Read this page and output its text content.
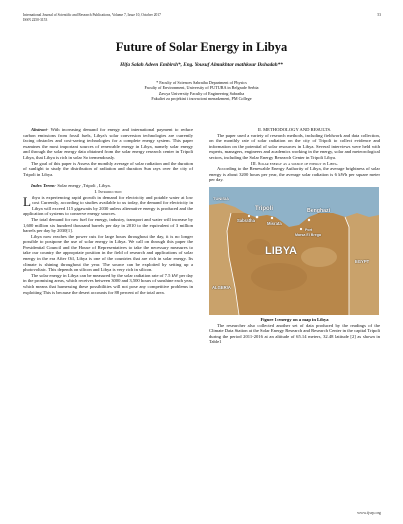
International Journal of Scientific and Research Publications, Volume 7, Issue 10, October 2017
ISSN 2250-3153
53
Future of Solar Energy in Libya
Hifa Salah Adeen Embirsh*, Eng. Yousuf Almukhtar mathkour Ikshadah**
* Faculty of Sciences Sabratha Department of Physics
Faculty of Environment, University of FUTURA in Belgrade Serbia
Zawya University Faculty of Engineering Sabratha
Fakultet za projektni i inovacioni menadzment, PM College

Abstract- With increasing demand for energy and international payment to reduce carbon emissions from fossil fuels, Libya's solar conversion technologies are currently facing obstacles and cost-saving technologies for a complete energy system. This paper examines the most important sources of renewable energy in Libya, namely solar energy and through the solar energy data obtained from the solar energy research center in Tripoli Libya, that Libya is rich in solar So tremendously.

The goal of this paper is Assess the monthly average of solar radiation and the duration of sunlight to study the distribution of radiation and duration Sun rays over the city of Tripoli in Libya.

Index Terms- Solar energy ,Tripoli , Libya.

I. Introduction

L ibya is experiencing rapid growth in demand for electricity and potable water at low cost Currently, according to studies available to us today, the demand for electricity in Libya will exceed 115 gigawatts by 2030 unless alternative energy is produced and the application of systems to conserve energy sources.

The total demand for raw fuel for energy, industry, transport and water will increase by 1,600 million six hundred thousand barrels per day in 2010 to the equivalent of 3 million barrels per day by 2030[1].

Libya now reaches the power cuts for large hours throughout the day, it is no longer possible to postpone the use of solar energy in Libya. We call on through this paper the Presidential Council and the House of Representatives to take the necessary measures to take our country the appropriate position in the field of research and applications of solar energy in the era After Oil, Libya is one of the countries that are rich in solar energy. Its climate is shining throughout the year. The source can be exploited by setting up a photovoltaic. This depends on silicon and Libya is very rich in silicon.

The solar energy in Libya can be measured by the solar radiation rate of 7.5 kW per day in the promising areas, which receives between 3000 and 3,500 hours of sunshine each year, which means that harnessing these possibilities will not pose any competitive problems in exploiting This is because the desert accounts for 88 percent of the total area.

II. METHODOLOGY AND RESULTS.

The paper used a variety of research methods, including fieldwork and data collection, on the monthly rate of solar radiation on the city of Tripoli to collect evidence and information on the potential of solar resources in Libya. Several interviews were held with experts, managers, engineers and academics working in the energy, solar and meteorological sectors, including the Solar Energy Research Center in Tripoli Libya.

III. Solar energy as a source of energy in Libya.

According to the Renewable Energy Authority of Libya, the average brightness of solar energy is about 3200 hours per year, the average solar radiation is 6 kWh per square meter per day.

TUNISIA
Tripoli
Sabratha
Misrata
Benghazi
Port
Marsa El Brega
LIBYA
EGYPT
ALGERIA

Figure 1:energy on a map in Libya

The researcher also collected another set of data produced by the readings of the Climate Data Station at the Solar Energy Research and Research Center in the capital Tripoli during the period 2011-2016 at an altitude of 65.14 meters, 32.48 latitude [2] as shown in Table1

www.ijsrp.org
